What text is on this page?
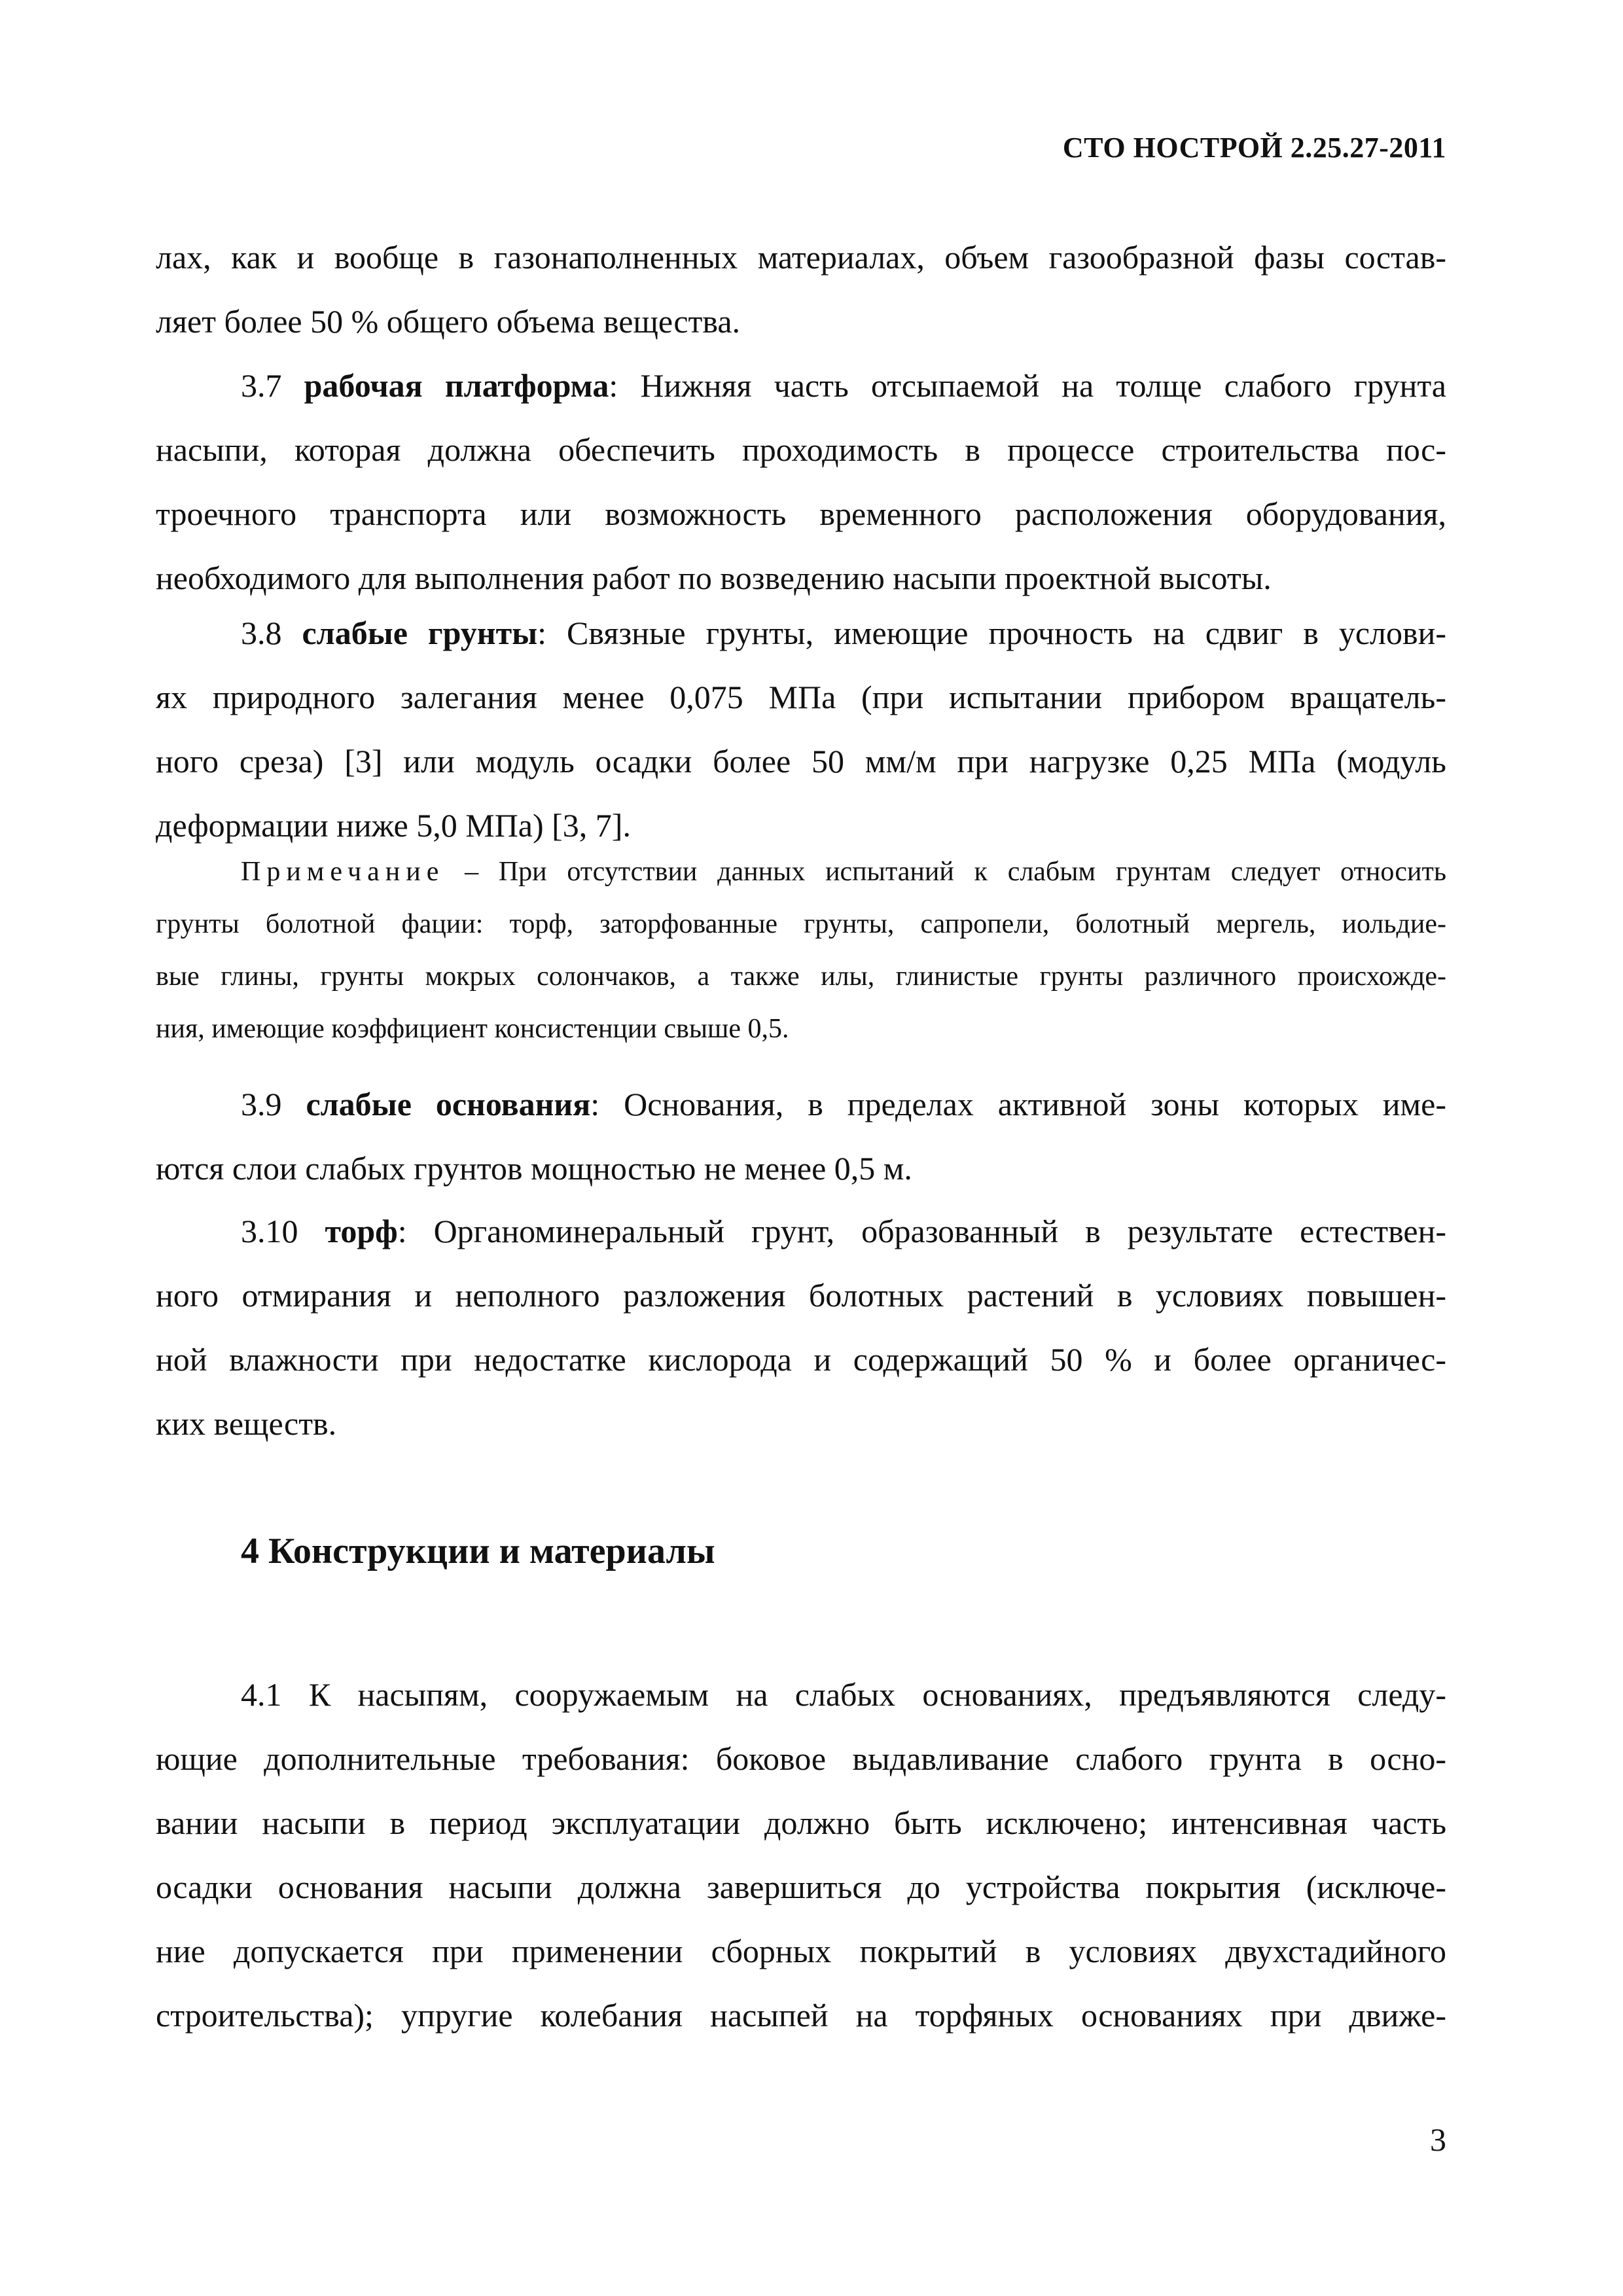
СТО НОСТРОЙ 2.25.27-2011
лах, как и вообще в газонаполненных материалах, объем газообразной фазы состав-
ляет более 50 % общего объема вещества.
3.7 рабочая платформа: Нижняя часть отсыпаемой на толще слабого грунта
насыпи, которая должна обеспечить проходимость в процессе строительства пос-
троечного транспорта или возможность временного расположения оборудования,
необходимого для выполнения работ по возведению насыпи проектной высоты.
3.8 слабые грунты: Связные грунты, имеющие прочность на сдвиг в услови-
ях природного залегания менее 0,075 МПа (при испытании прибором вращатель-
ного среза) [3] или модуль осадки более 50 мм/м при нагрузке 0,25 МПа (модуль
деформации ниже 5,0 МПа) [3, 7].
Примечание – При отсутствии данных испытаний к слабым грунтам следует относить
грунты болотной фации: торф, заторфованные грунты, сапропели, болотный мергель, иольдие-
вые глины, грунты мокрых солончаков, а также илы, глинистые грунты различного происхожде-
ния, имеющие коэффициент консистенции свыше 0,5.
3.9 слабые основания: Основания, в пределах активной зоны которых име-
ются слои слабых грунтов мощностью не менее 0,5 м.
3.10 торф: Органоминеральный грунт, образованный в результате естествен-
ного отмирания и неполного разложения болотных растений в условиях повышен-
ной влажности при недостатке кислорода и содержащий 50 % и более органичес-
ких веществ.
4 Конструкции и материалы
4.1 К насыпям, сооружаемым на слабых основаниях, предъявляются следу-
ющие дополнительные требования: боковое выдавливание слабого грунта в осно-
вании насыпи в период эксплуатации должно быть исключено; интенсивная часть
осадки основания насыпи должна завершиться до устройства покрытия (исключе-
ние допускается при применении сборных покрытий в условиях двухстадийного
строительства); упругие колебания насыпей на торфяных основаниях при движе-
3
